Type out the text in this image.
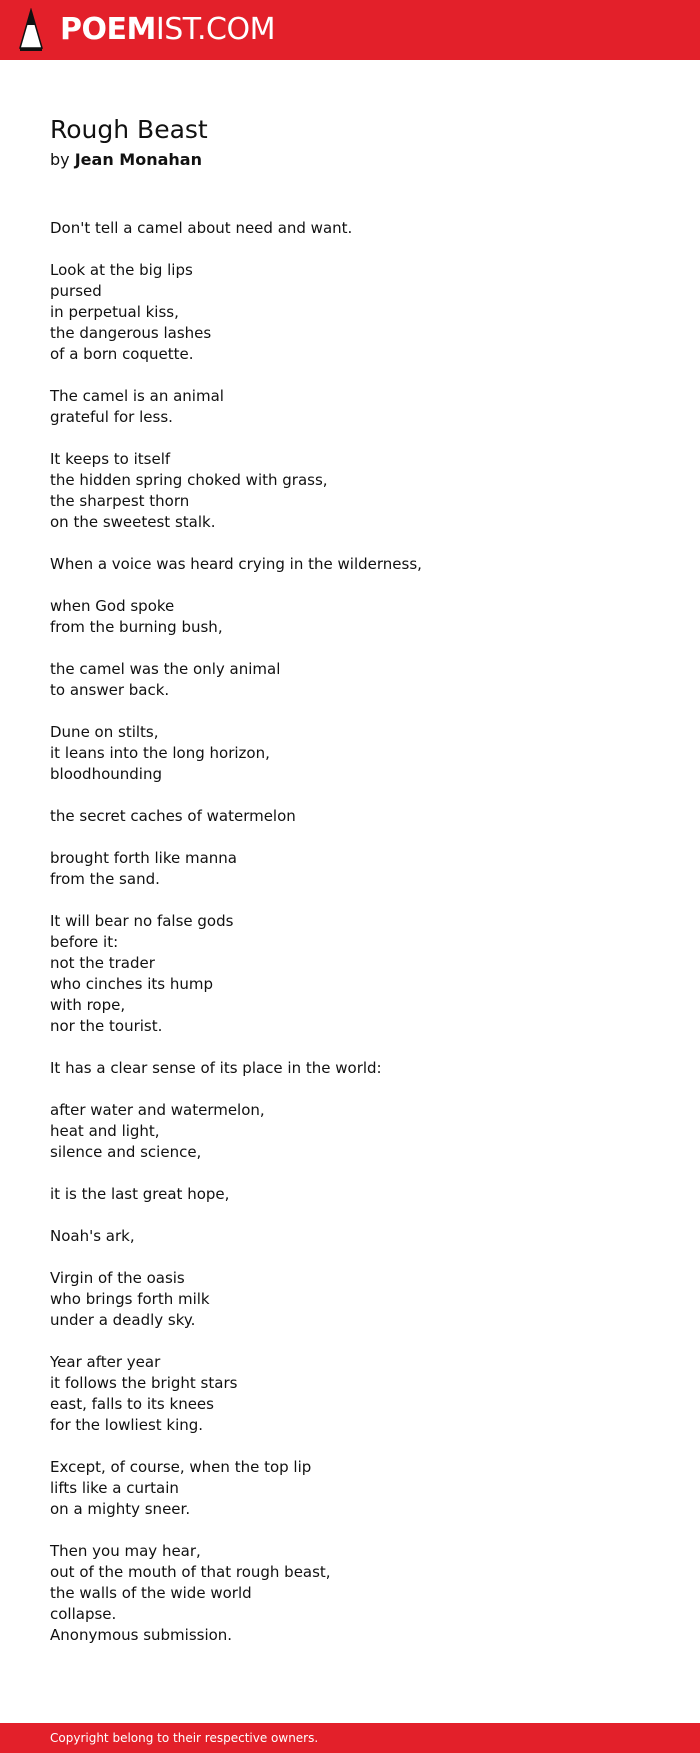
POEMIST.COM
Rough Beast
by Jean Monahan
Don't tell a camel about need and want.

Look at the big lips
pursed
in perpetual kiss,
the dangerous lashes
of a born coquette.

The camel is an animal
grateful for less.

It keeps to itself
the hidden spring choked with grass,
the sharpest thorn
on the sweetest stalk.

When a voice was heard crying in the wilderness,

when God spoke
from the burning bush,

the camel was the only animal
to answer back.

Dune on stilts,
it leans into the long horizon,
bloodhounding

the secret caches of watermelon

brought forth like manna
from the sand.

It will bear no false gods
before it:
not the trader
who cinches its hump
with rope,
nor the tourist.

It has a clear sense of its place in the world:

after water and watermelon,
heat and light,
silence and science,

it is the last great hope,

Noah's ark,

Virgin of the oasis
who brings forth milk
under a deadly sky.

Year after year
it follows the bright stars
east, falls to its knees
for the lowliest king.

Except, of course, when the top lip
lifts like a curtain
on a mighty sneer.

Then you may hear,
out of the mouth of that rough beast,
the walls of the wide world
collapse.
Anonymous submission.
Copyright belong to their respective owners.
